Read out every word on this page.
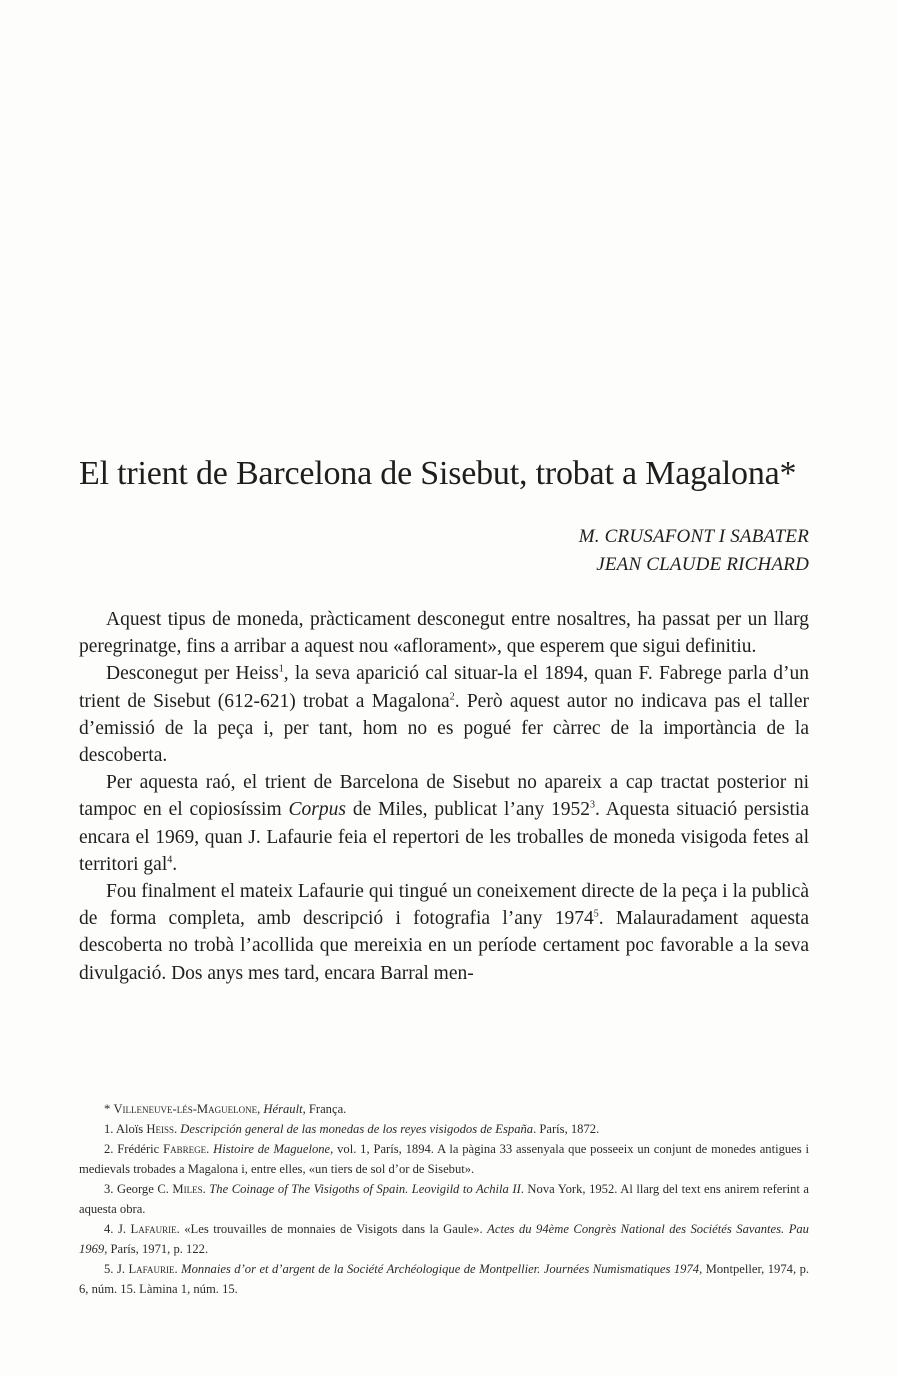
El trient de Barcelona de Sisebut, trobat a Magalona*
M. CRUSAFONT I SABATER
JEAN CLAUDE RICHARD

Aquest tipus de moneda, pràcticament desconegut entre nosaltres, ha passat per un llarg peregrinatge, fins a arribar a aquest nou «aflorament», que esperem que sigui definitiu.

Desconegut per Heiss$^1$, la seva aparició cal situar-la el 1894, quan F. Fabrege parla d’un trient de Sisebut (612-621) trobat a Magalona$^2$. Però aquest autor no indicava pas el taller d’emissió de la peça i, per tant, hom no es pogué fer càrrec de la importància de la descoberta.

Per aquesta raó, el trient de Barcelona de Sisebut no apareix a cap tractat posterior ni tampoc en el copiosíssim Corpus de Miles, publicat l’any 1952$^3$. Aquesta situació persistia encara el 1969, quan J. Lafaurie feia el repertori de les troballes de moneda visigoda fetes al territori gal$^4$.

Fou finalment el mateix Lafaurie qui tingué un coneixement directe de la peça i la publicà de forma completa, amb descripció i fotografia l’any 1974$^5$. Malauradament aquesta descoberta no trobà l’acollida que mereixia en un període certament poc favorable a la seva divulgació. Dos anys mes tard, encara Barral men-

* Villeneuve-lés-Maguelone, Hérault, França.

1. Aloïs Heiss. Descripción general de las monedas de los reyes visigodos de España. París, 1872.

2. Frédéric Fabrege. Histoire de Maguelone, vol. 1, París, 1894. A la pàgina 33 assenyala que posseeix un conjunt de monedes antigues i medievals trobades a Magalona i, entre elles, «un tiers de sol d’or de Sisebut».

3. George C. Miles. The Coinage of The Visigoths of Spain. Leovigild to Achila II. Nova York, 1952. Al llarg del text ens anirem referint a aquesta obra.

4. J. Lafaurie. «Les trouvailles de monnaies de Visigots dans la Gaule». Actes du 94ème Congrès National des Sociétés Savantes. Pau 1969, París, 1971, p. 122.

5. J. Lafaurie. Monnaies d’or et d’argent de la Société Archéologique de Montpellier. Journées Numismatiques 1974, Montpeller, 1974, p. 6, núm. 15. Làmina 1, núm. 15.
